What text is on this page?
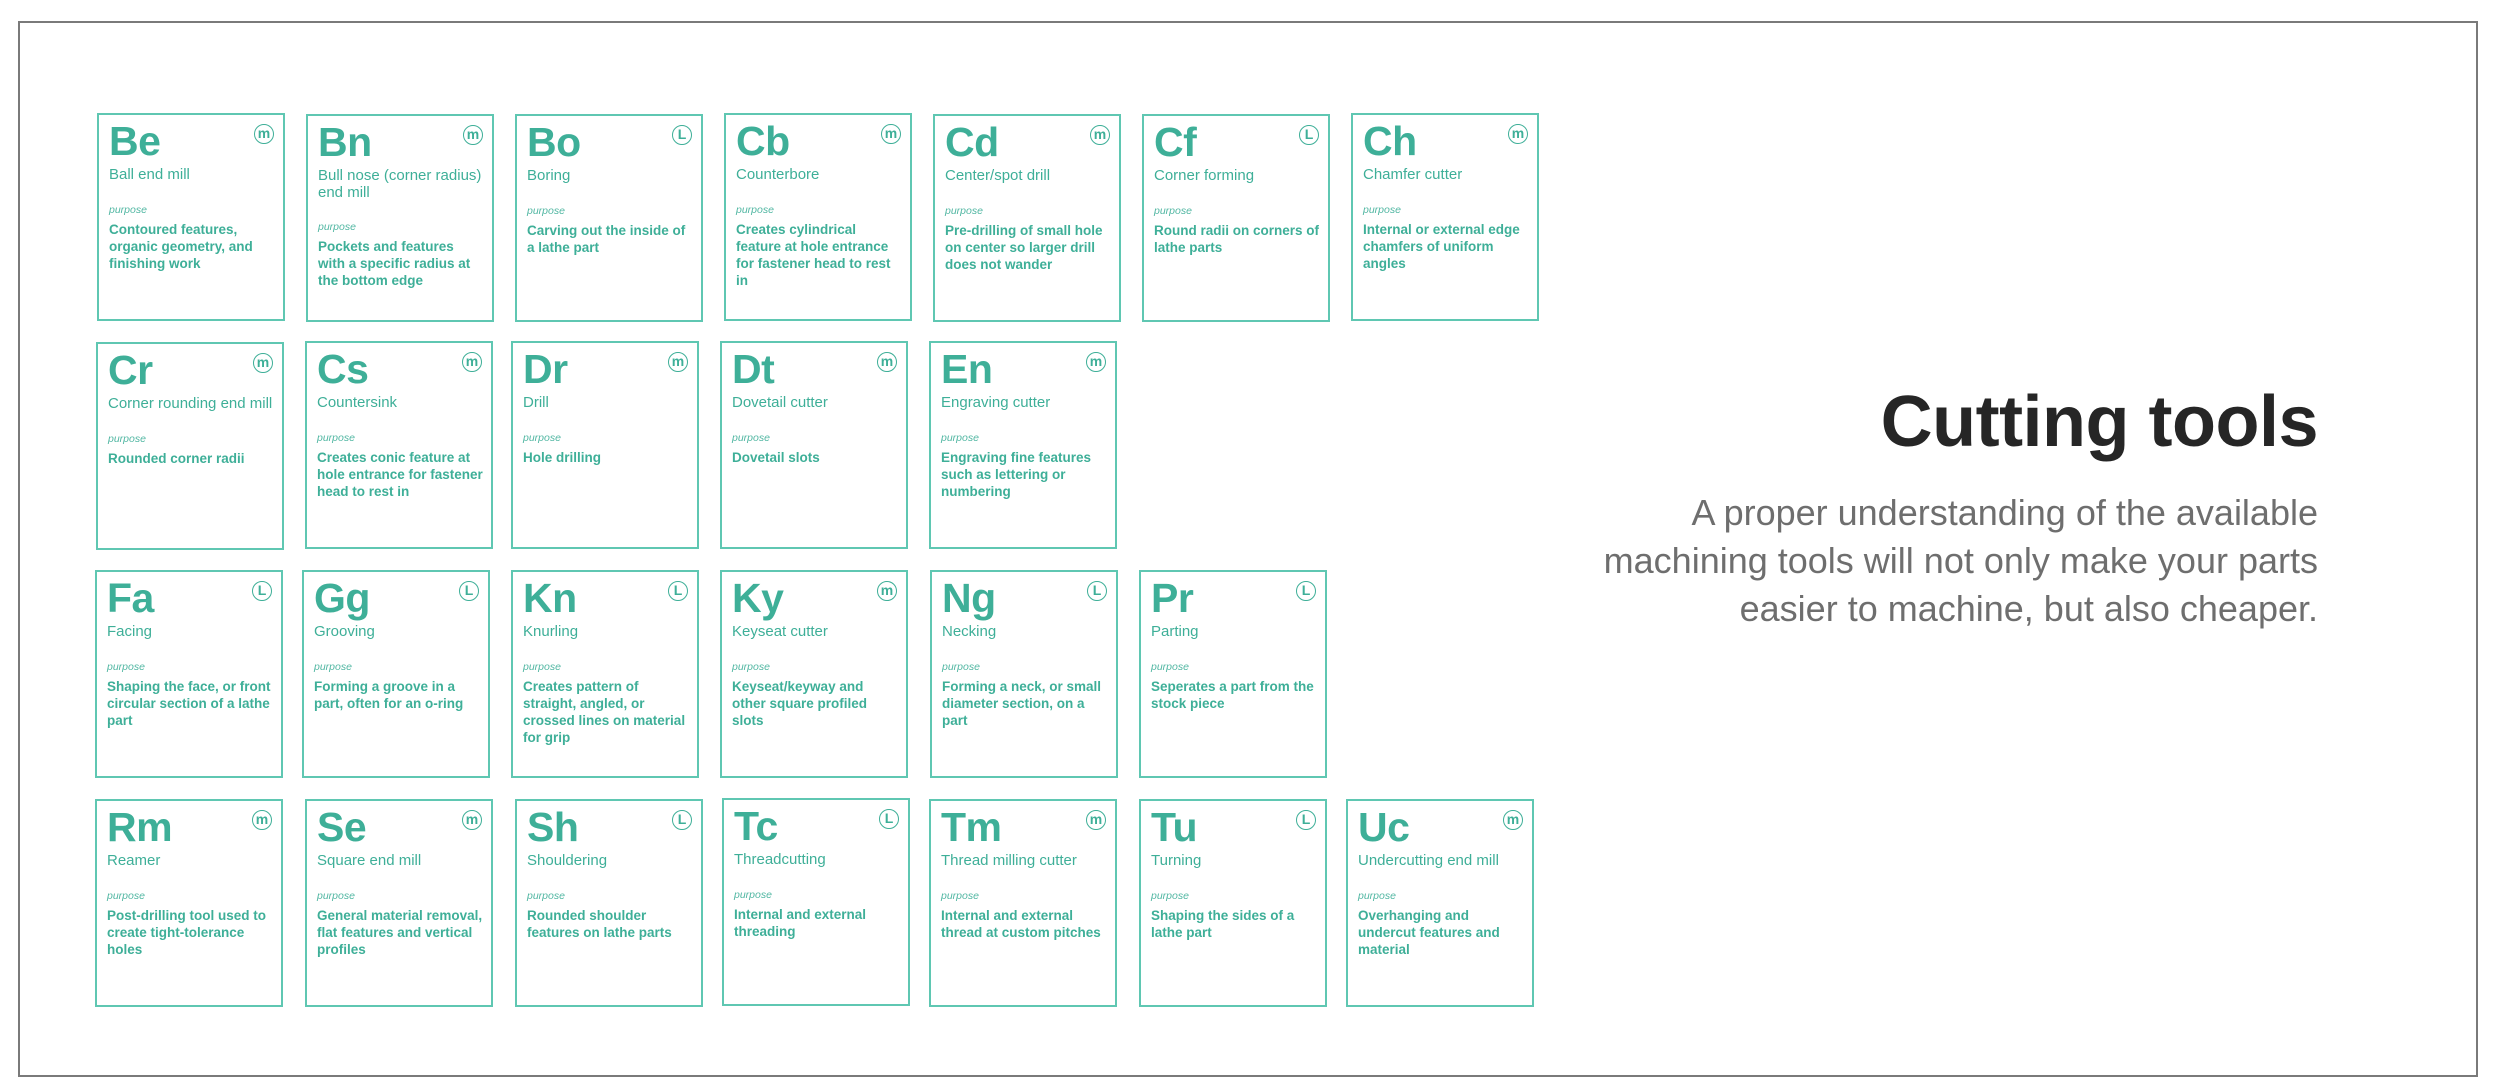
Be	m
Ball end mill
purpose
Contoured features, organic geometry, and finishing work
Bn	m
Bull nose (corner radius) end mill
purpose
Pockets and features with a specific radius at the bottom edge
Bo	L
Boring
purpose
Carving out the inside of a lathe part
Cb	m
Counterbore
purpose
Creates cylindrical feature at hole entrance for fastener head to rest in
Cd	m
Center/spot drill
purpose
Pre-drilling of small hole on center so larger drill does not wander
Cf	L
Corner forming
purpose
Round radii on corners of lathe parts
Ch	m
Chamfer cutter
purpose
Internal or external edge chamfers of uniform angles
Cr	m
Corner rounding end mill
purpose
Rounded corner radii
Cs	m
Countersink
purpose
Creates conic feature at hole entrance for fastener head to rest in
Dr	m
Drill
purpose
Hole drilling
Dt	m
Dovetail cutter
purpose
Dovetail slots
En	m
Engraving cutter
purpose
Engraving fine features such as lettering or numbering
Fa	L
Facing
purpose
Shaping the face, or front circular section of a lathe part
Gg	L
Grooving
purpose
Forming a groove in a part, often for an o-ring
Kn	L
Knurling
purpose
Creates pattern of straight, angled, or crossed lines on material for grip
Ky	m
Keyseat cutter
purpose
Keyseat/keyway and other square profiled slots
Ng	L
Necking
purpose
Forming a neck, or small diameter section, on a part
Pr	L
Parting
purpose
Seperates a part from the stock piece
Rm	m
Reamer
purpose
Post-drilling tool used to create tight-tolerance holes
Se	m
Square end mill
purpose
General material removal, flat features and vertical profiles
Sh	L
Shouldering
purpose
Rounded shoulder features on lathe parts
Tc	L
Threadcutting
purpose
Internal and external threading
Tm	m
Thread milling cutter
purpose
Internal and external thread at custom pitches
Tu	L
Turning
purpose
Shaping the sides of a lathe part
Uc	m
Undercutting end mill
purpose
Overhanging and undercut features and material
Cutting tools

A proper understanding of the available machining tools will not only make your parts easier to machine, but also cheaper.
